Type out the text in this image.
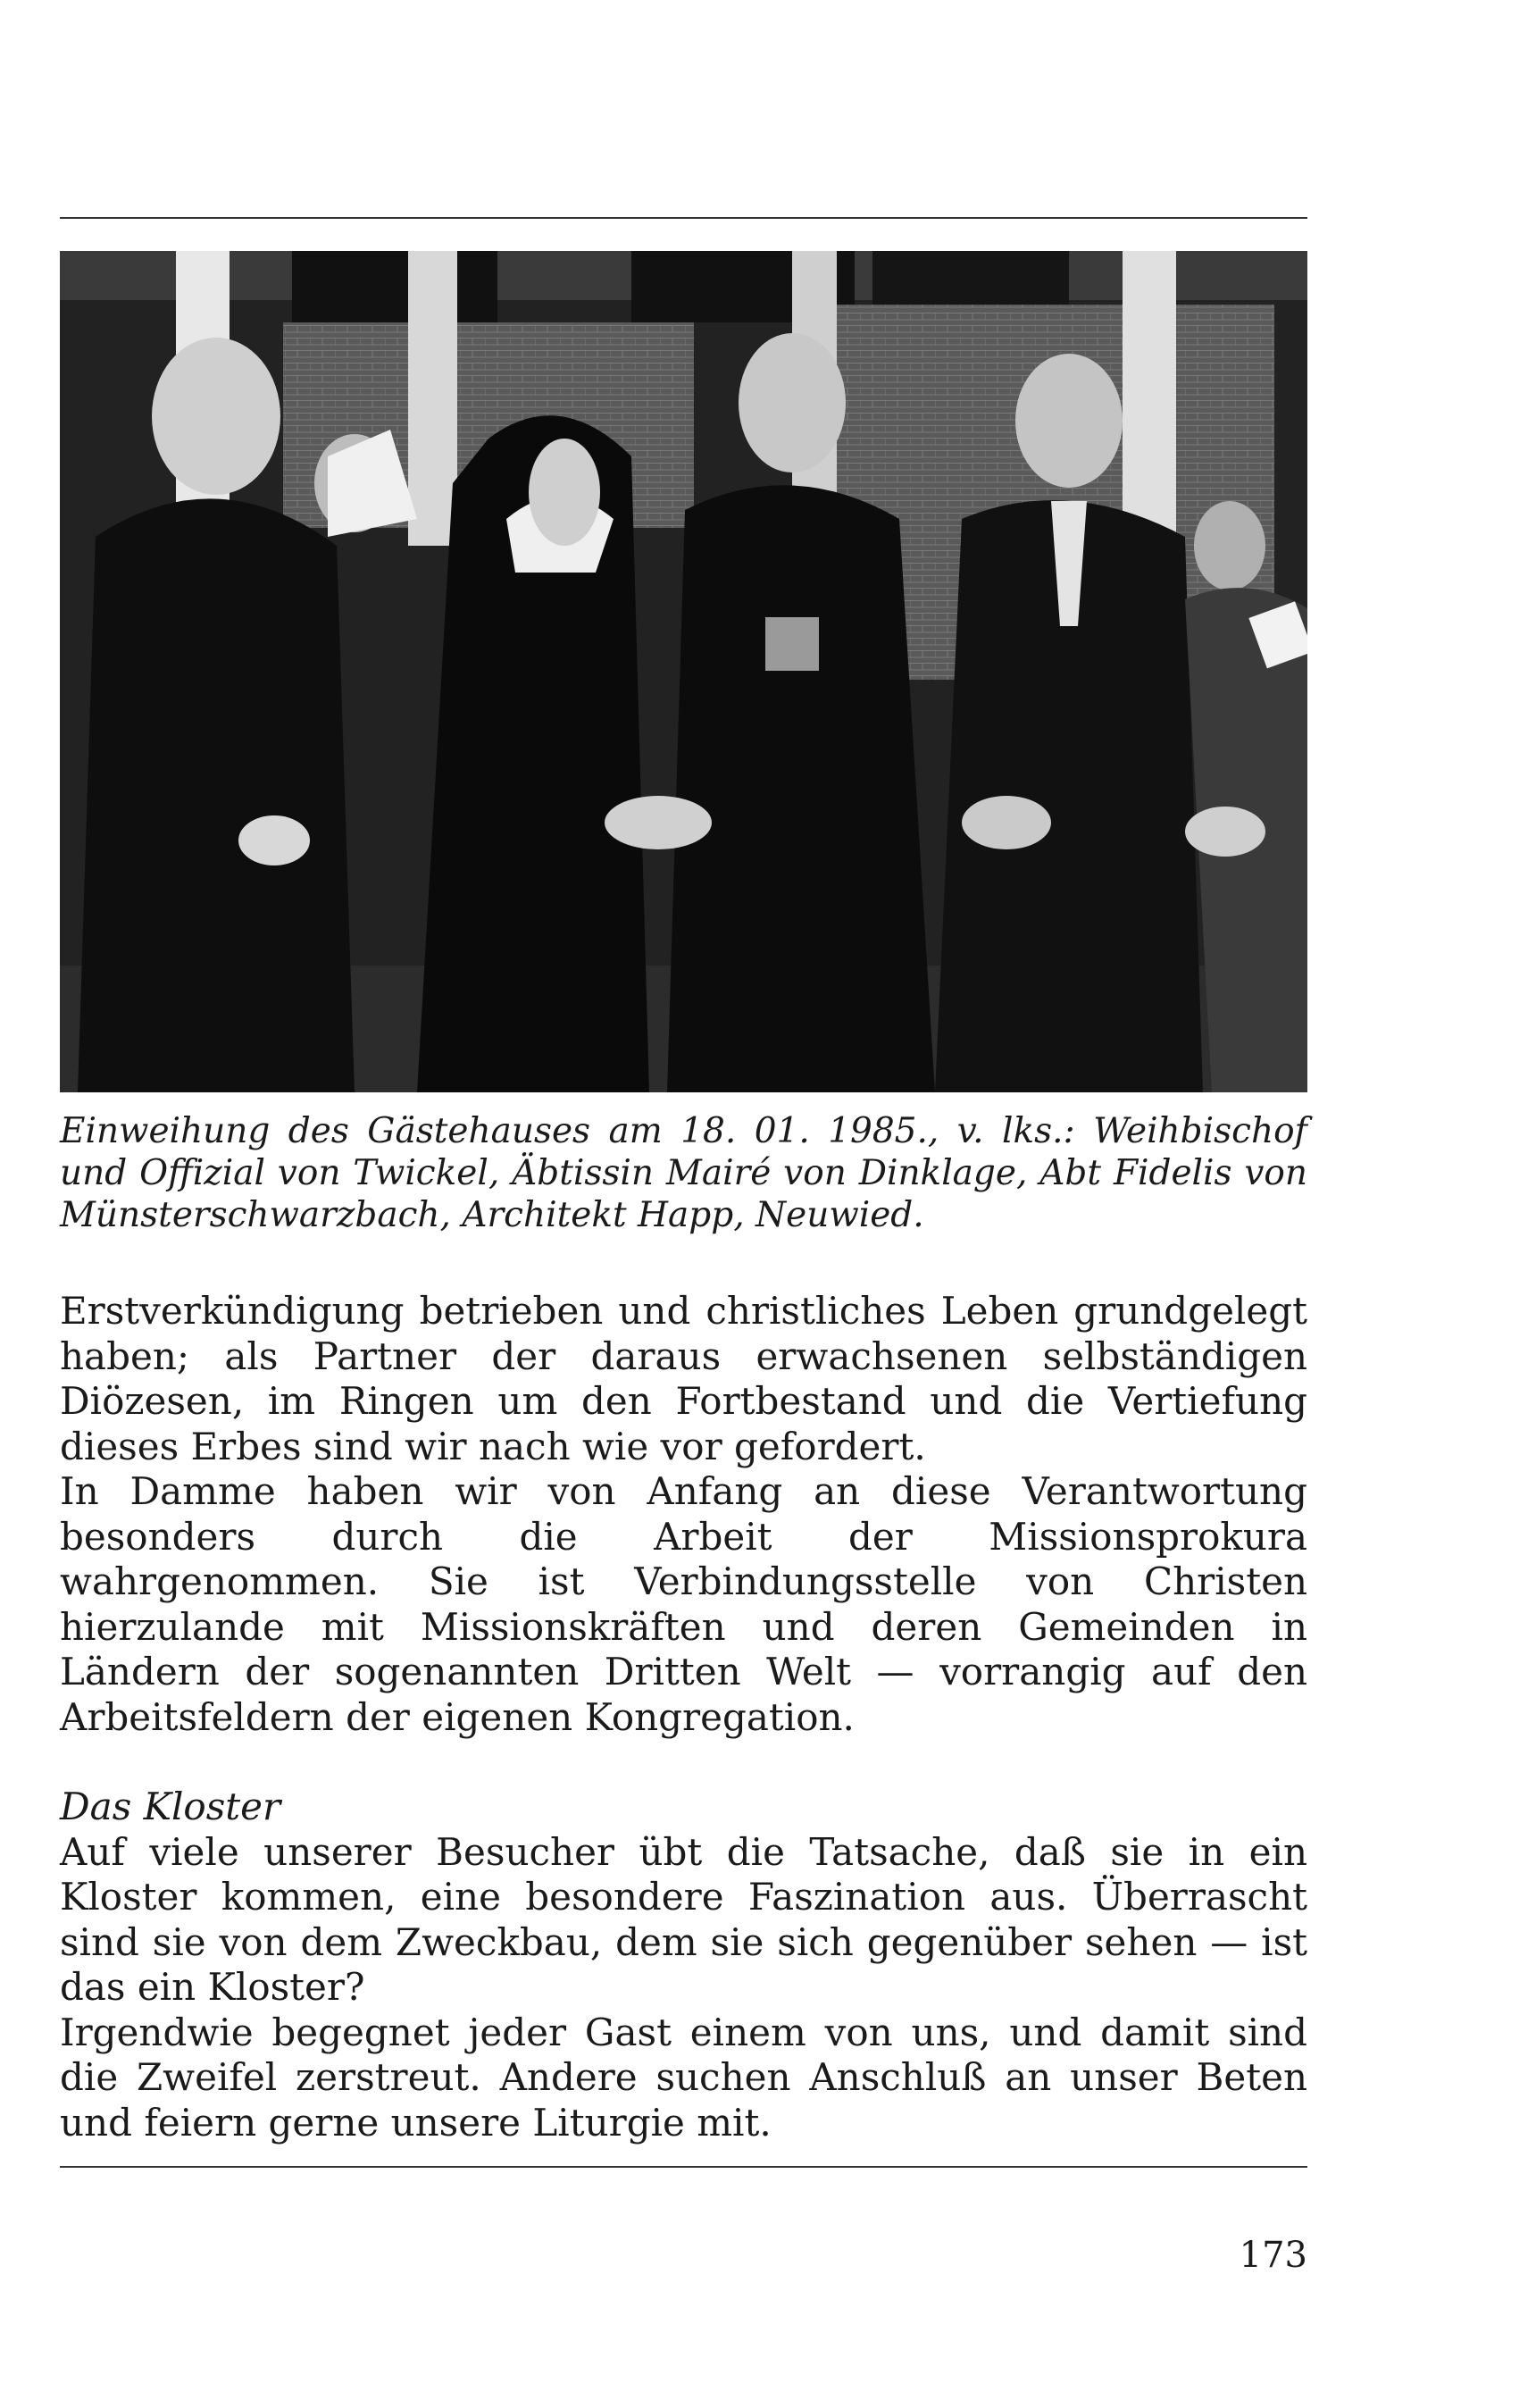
Einweihung des Gästehauses am 18. 01. 1985., v. lks.: Weihbischof und Offizial von Twickel, Äbtissin Mairé von Dinklage, Abt Fidelis von Münsterschwarzbach, Architekt Happ, Neuwied.

Erstverkündigung betrieben und christliches Leben grundgelegt haben; als Partner der daraus erwachsenen selbständigen Diözesen, im Ringen um den Fortbestand und die Vertiefung dieses Erbes sind wir nach wie vor gefordert.

In Damme haben wir von Anfang an diese Verantwortung besonders durch die Arbeit der Missionsprokura wahrgenommen. Sie ist Verbindungsstelle von Christen hierzulande mit Missionskräften und deren Gemeinden in Ländern der sogenannten Dritten Welt — vorrangig auf den Arbeitsfeldern der eigenen Kongregation.

Das Kloster

Auf viele unserer Besucher übt die Tatsache, daß sie in ein Kloster kommen, eine besondere Faszination aus. Überrascht sind sie von dem Zweckbau, dem sie sich gegenüber sehen — ist das ein Kloster?

Irgendwie begegnet jeder Gast einem von uns, und damit sind die Zweifel zerstreut. Andere suchen Anschluß an unser Beten und feiern gerne unsere Liturgie mit.

173
